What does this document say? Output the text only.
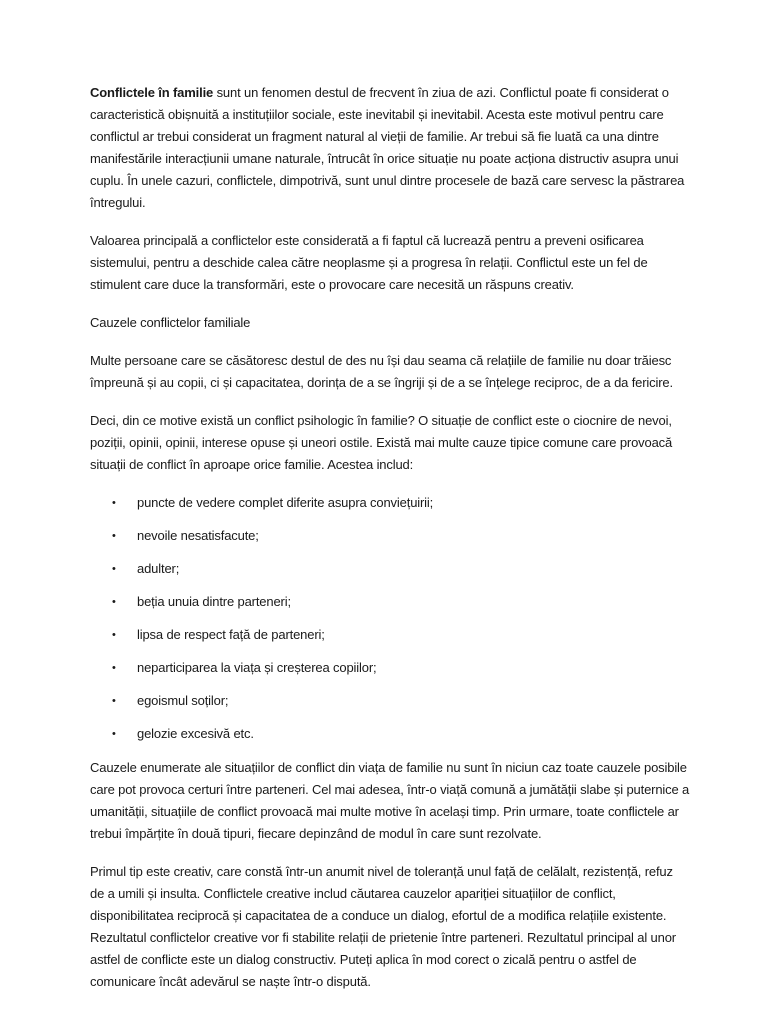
Conflictele în familie sunt un fenomen destul de frecvent în ziua de azi. Conflictul poate fi considerat o caracteristică obișnuită a instituțiilor sociale, este inevitabil și inevitabil. Acesta este motivul pentru care conflictul ar trebui considerat un fragment natural al vieții de familie. Ar trebui să fie luată ca una dintre manifestările interacțiunii umane naturale, întrucât în orice situație nu poate acționa distructiv asupra unui cuplu. În unele cazuri, conflictele, dimpotrivă, sunt unul dintre procesele de bază care servesc la păstrarea întregului.

Valoarea principală a conflictelor este considerată a fi faptul că lucrează pentru a preveni osificarea sistemului, pentru a deschide calea către neoplasme și a progresa în relații. Conflictul este un fel de stimulent care duce la transformări, este o provocare care necesită un răspuns creativ.

Cauzele conflictelor familiale

Multe persoane care se căsătoresc destul de des nu își dau seama că relațiile de familie nu doar trăiesc împreună și au copii, ci și capacitatea, dorința de a se îngriji și de a se înțelege reciproc, de a da fericire.

Deci, din ce motive există un conflict psihologic în familie? O situație de conflict este o ciocnire de nevoi, poziții, opinii, opinii, interese opuse și uneori ostile. Există mai multe cauze tipice comune care provoacă situații de conflict în aproape orice familie. Acestea includ:

• puncte de vedere complet diferite asupra conviețuirii;
• nevoile nesatisfacute;
• adulter;
• beția unuia dintre parteneri;
• lipsa de respect față de parteneri;
• neparticiparea la viața și creșterea copiilor;
• egoismul soților;
• gelozie excesivă etc.

Cauzele enumerate ale situațiilor de conflict din viața de familie nu sunt în niciun caz toate cauzele posibile care pot provoca certuri între parteneri. Cel mai adesea, într-o viață comună a jumătății slabe și puternice a umanității, situațiile de conflict provoacă mai multe motive în același timp. Prin urmare, toate conflictele ar trebui împărțite în două tipuri, fiecare depinzând de modul în care sunt rezolvate.

Primul tip este creativ, care constă într-un anumit nivel de toleranță unul față de celălalt, rezistență, refuz de a umili și insulta. Conflictele creative includ căutarea cauzelor apariției situațiilor de conflict, disponibilitatea reciprocă și capacitatea de a conduce un dialog, efortul de a modifica relațiile existente. Rezultatul conflictelor creative vor fi stabilite relații de prietenie între parteneri. Rezultatul principal al unor astfel de conflicte este un dialog constructiv. Puteți aplica în mod corect o zicală pentru o astfel de comunicare încât adevărul se naște într-o dispută.
